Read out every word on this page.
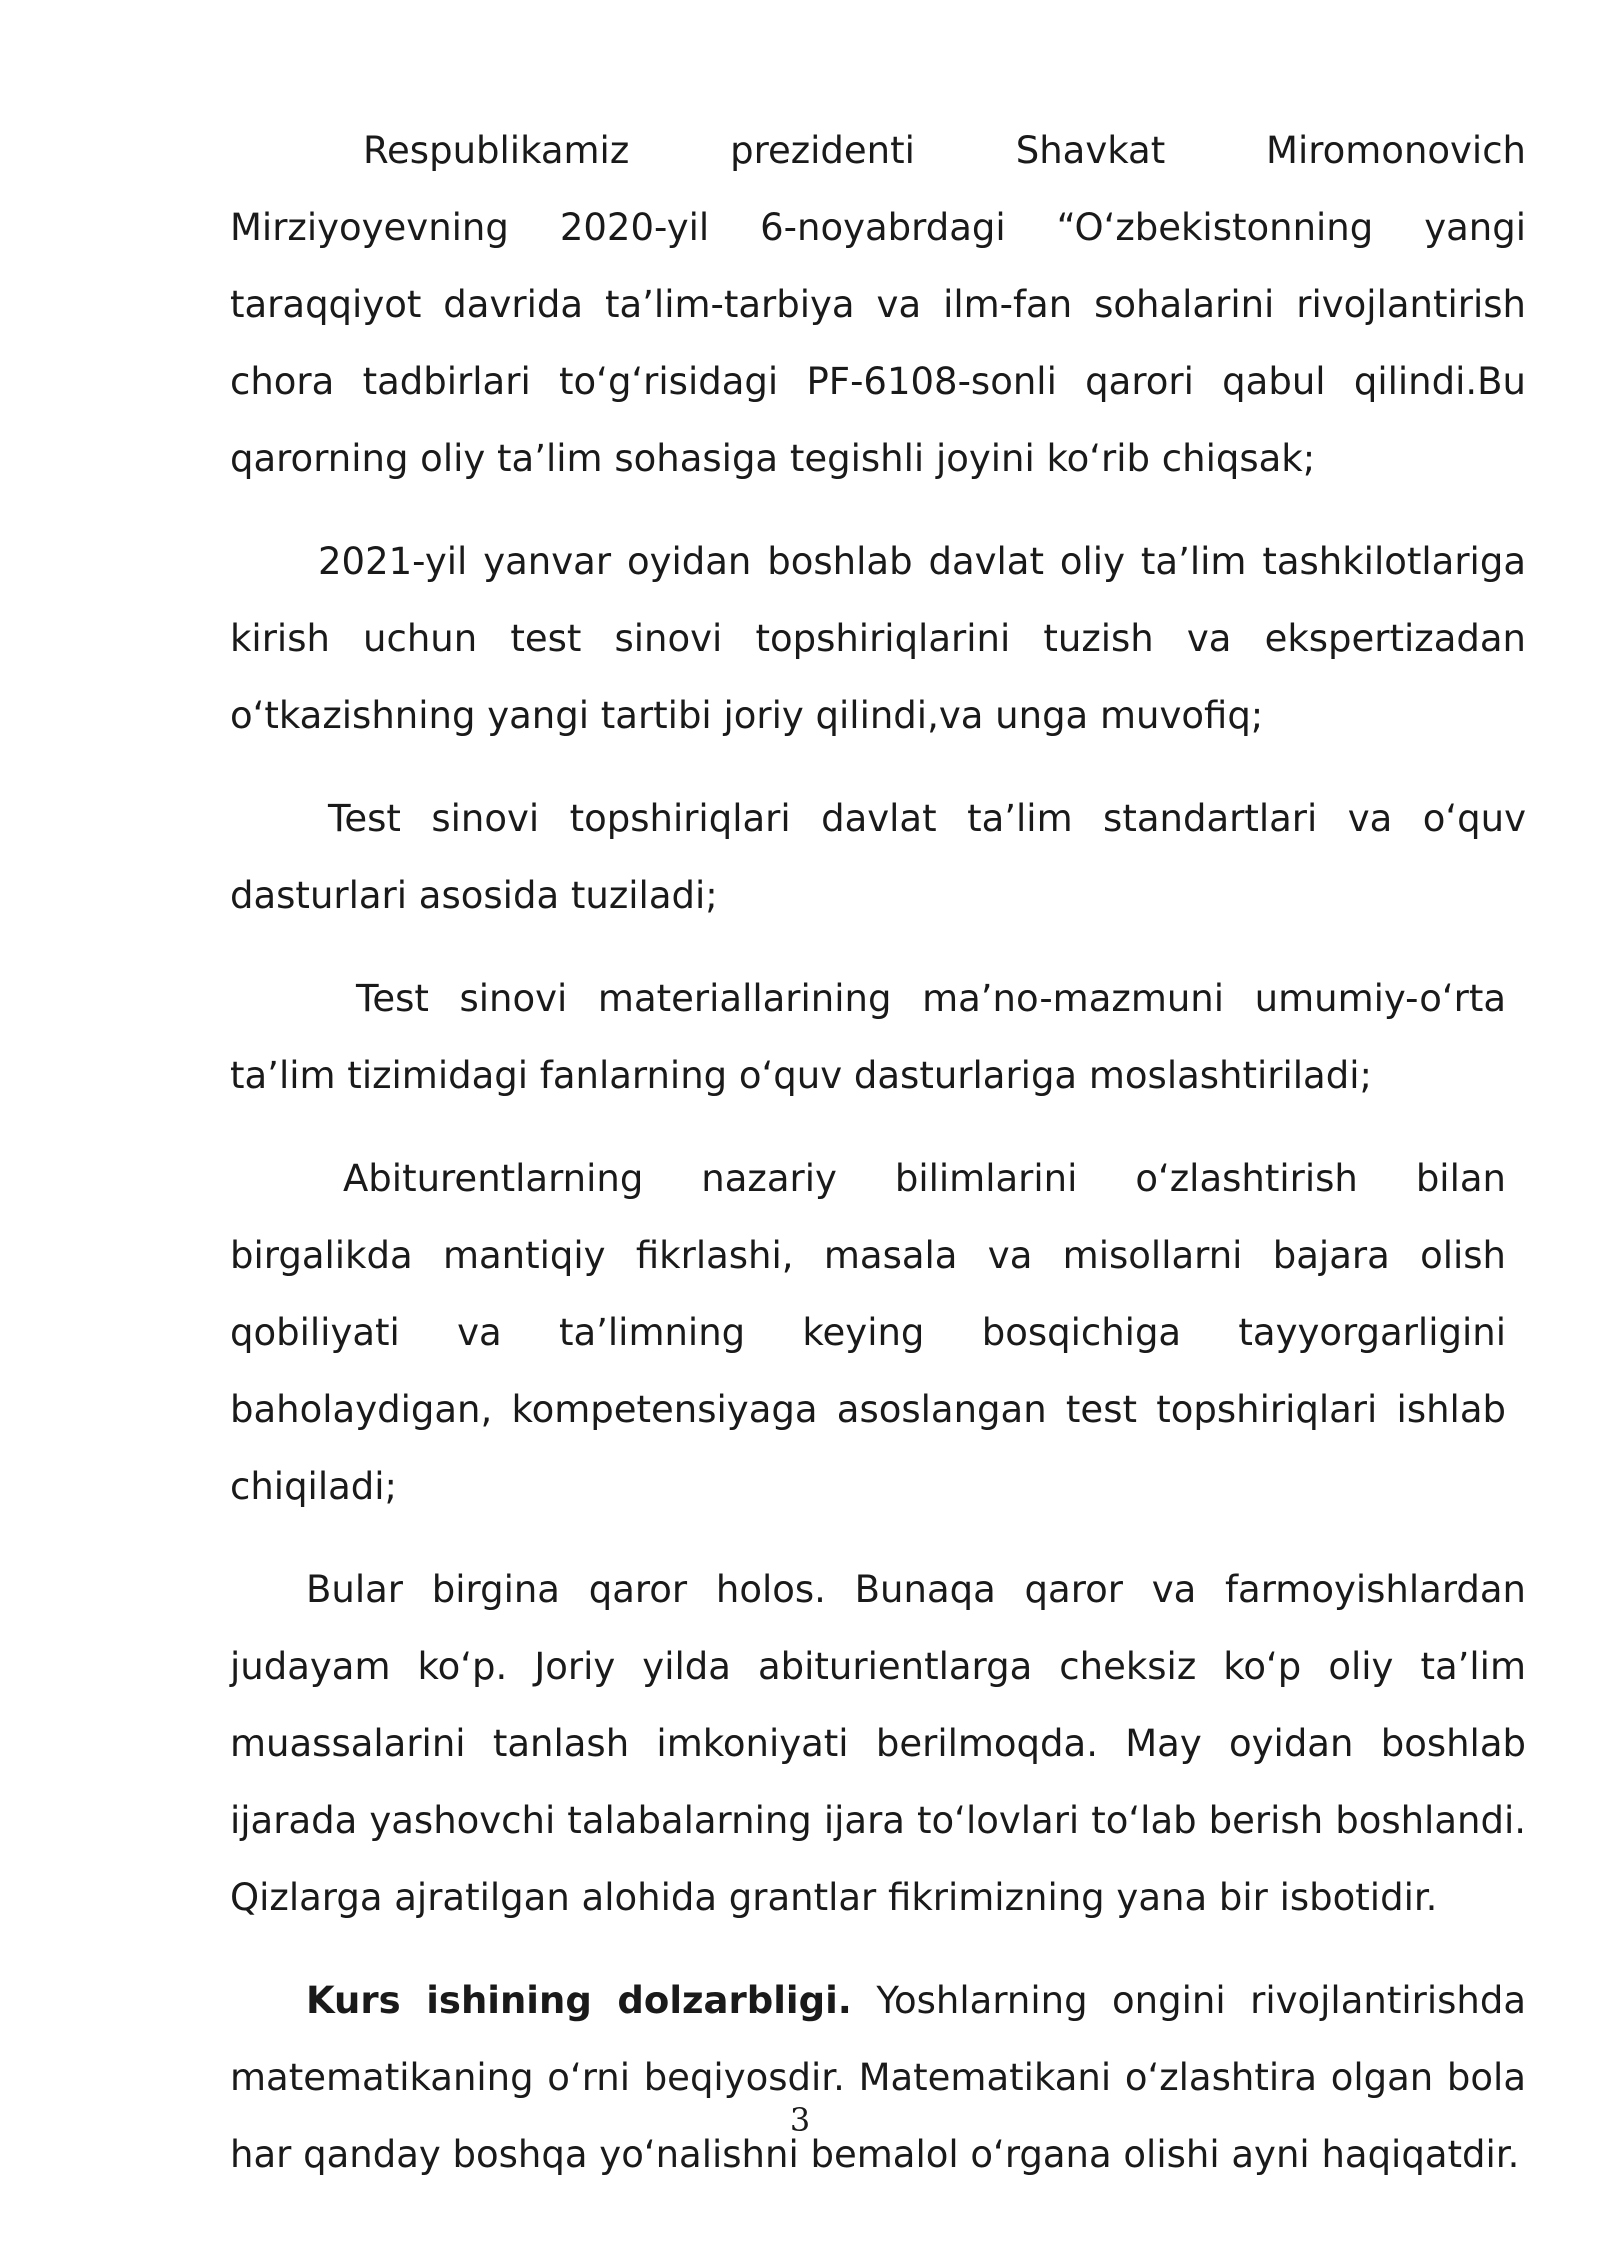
Respublikamiz prezidenti Shavkat Miromonovich Mirziyoyevning 2020-yil 6-noyabrdagi “O‘zbekistonning yangi taraqqiyot davrida ta’lim-tarbiya va ilm-fan sohalarini rivojlantirish chora tadbirlari to‘g‘risidagi PF-6108-sonli qarori qabul qilindi.Bu qarorning oliy ta’lim sohasiga tegishli joyini ko‘rib chiqsak;

2021-yil yanvar oyidan boshlab davlat oliy ta’lim tashkilotlariga kirish uchun test sinovi topshiriqlarini tuzish va ekspertizadan o‘tkazishning yangi tartibi joriy qilindi,va unga muvofiq;

Test sinovi topshiriqlari davlat ta’lim standartlari va o‘quv dasturlari asosida tuziladi;

Test sinovi materiallarining ma’no-mazmuni umumiy-o‘rta ta’lim tizimidagi fanlarning o‘quv dasturlariga moslashtiriladi;

Abiturentlarning nazariy bilimlarini o‘zlashtirish bilan birgalikda mantiqiy fikrlashi, masala va misollarni bajara olish qobiliyati va ta’limning keying bosqichiga tayyorgarligini baholaydigan, kompetensiyaga asoslangan test topshiriqlari ishlab chiqiladi;

Bular birgina qaror holos. Bunaqa qaror va farmoyishlardan judayam ko‘p. Joriy yilda abiturientlarga cheksiz ko‘p oliy ta’lim muassalarini tanlash imkoniyati berilmoqda. May oyidan boshlab ijarada yashovchi talabalarning ijara to‘lovlari to‘lab berish boshlandi. Qizlarga ajratilgan alohida grantlar fikrimizning yana bir isbotidir.

Kurs ishining dolzarbligi. Yoshlarning ongini rivojlantirishda matematikaning o‘rni beqiyosdir. Matematikani o‘zlashtira olgan bola har qanday boshqa yo‘nalishni bemalol o‘rgana olishi ayni haqiqatdir.

3
